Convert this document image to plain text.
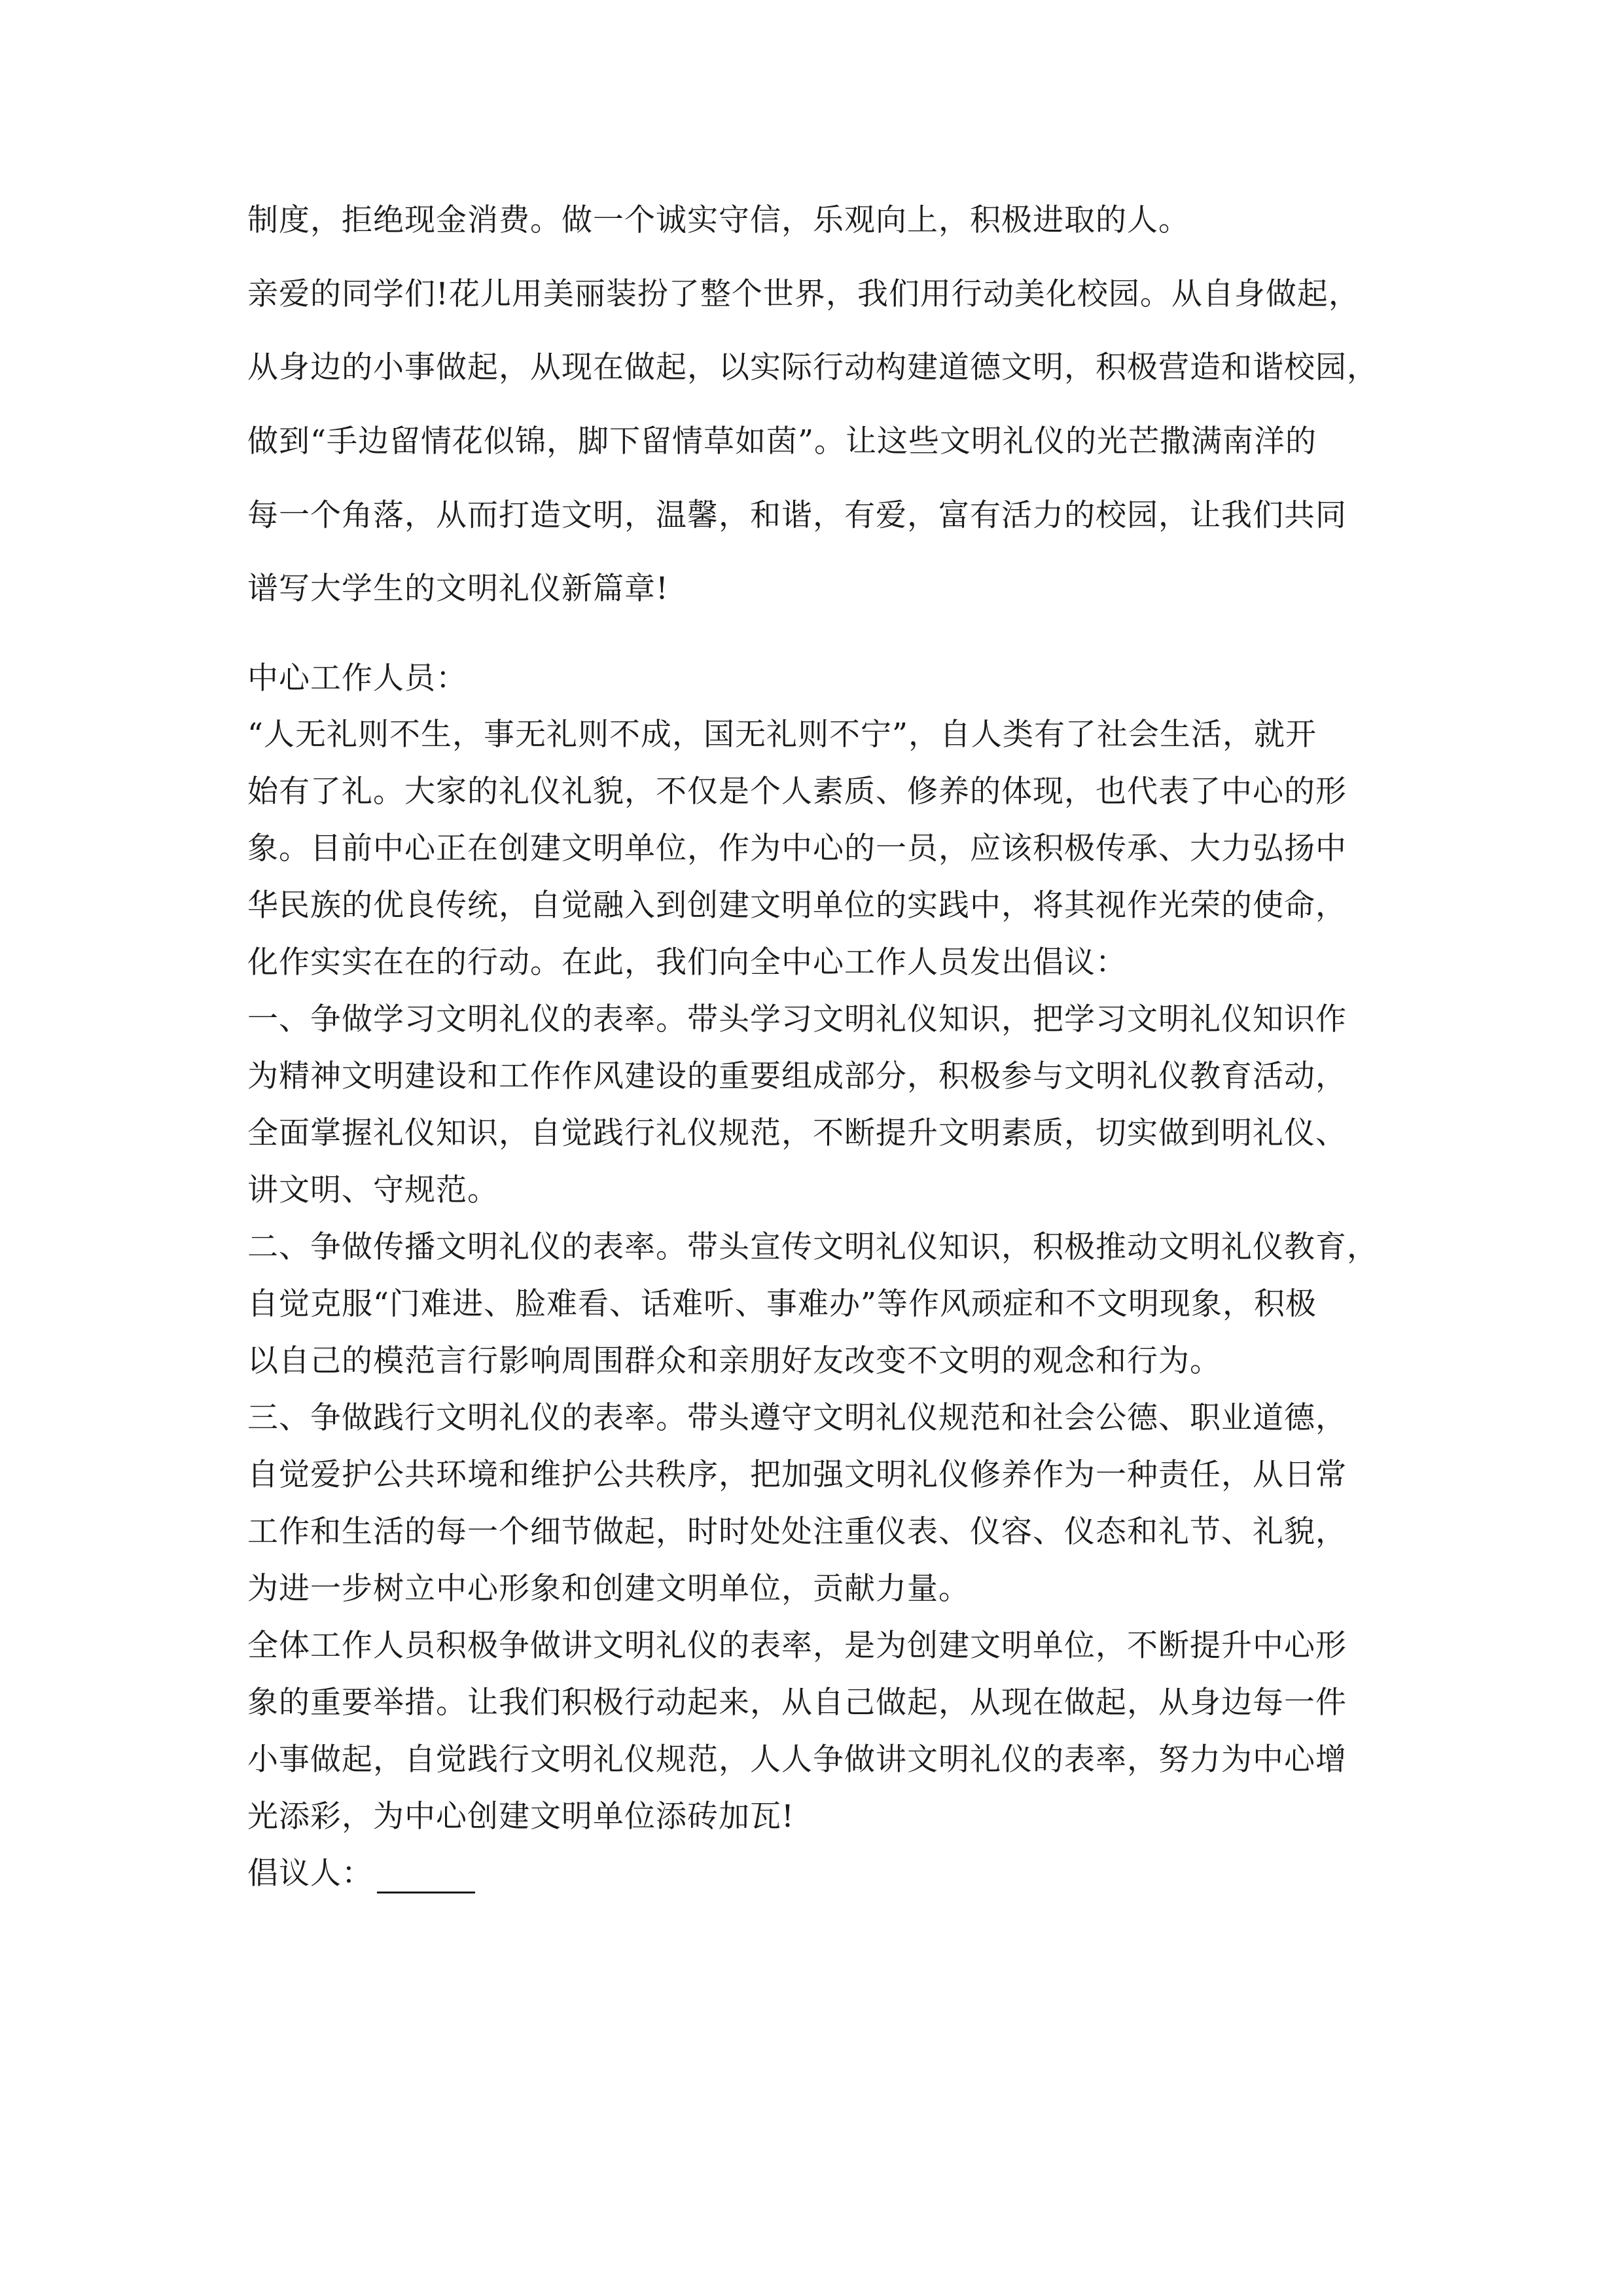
制度，拒绝现金消费。做一个诚实守信，乐观向上，积极进取的人。
亲爱的同学们!花儿用美丽装扮了整个世界，我们用行动美化校园。从自身做起，
从身边的小事做起，从现在做起，以实际行动构建道德文明，积极营造和谐校园，
做到“手边留情花似锦，脚下留情草如茵”。让这些文明礼仪的光芒撒满南洋的
每一个角落，从而打造文明，温馨，和谐，有爱，富有活力的校园，让我们共同
谱写大学生的文明礼仪新篇章!
中心工作人员：
“人无礼则不生，事无礼则不成，国无礼则不宁”，自人类有了社会生活，就开
始有了礼。大家的礼仪礼貌，不仅是个人素质、修养的体现，也代表了中心的形
象。目前中心正在创建文明单位，作为中心的一员，应该积极传承、大力弘扬中
华民族的优良传统，自觉融入到创建文明单位的实践中，将其视作光荣的使命，
化作实实在在的行动。在此，我们向全中心工作人员发出倡议：
一、争做学习文明礼仪的表率。带头学习文明礼仪知识，把学习文明礼仪知识作
为精神文明建设和工作作风建设的重要组成部分，积极参与文明礼仪教育活动，
全面掌握礼仪知识，自觉践行礼仪规范，不断提升文明素质，切实做到明礼仪、
讲文明、守规范。
二、争做传播文明礼仪的表率。带头宣传文明礼仪知识，积极推动文明礼仪教育，
自觉克服“门难进、脸难看、话难听、事难办”等作风顽症和不文明现象，积极
以自己的模范言行影响周围群众和亲朋好友改变不文明的观念和行为。
三、争做践行文明礼仪的表率。带头遵守文明礼仪规范和社会公德、职业道德，
自觉爱护公共环境和维护公共秩序，把加强文明礼仪修养作为一种责任，从日常
工作和生活的每一个细节做起，时时处处注重仪表、仪容、仪态和礼节、礼貌，
为进一步树立中心形象和创建文明单位，贡献力量。
全体工作人员积极争做讲文明礼仪的表率，是为创建文明单位，不断提升中心形
象的重要举措。让我们积极行动起来，从自己做起，从现在做起，从身边每一件
小事做起，自觉践行文明礼仪规范，人人争做讲文明礼仪的表率，努力为中心增
光添彩，为中心创建文明单位添砖加瓦!
倡议人：
